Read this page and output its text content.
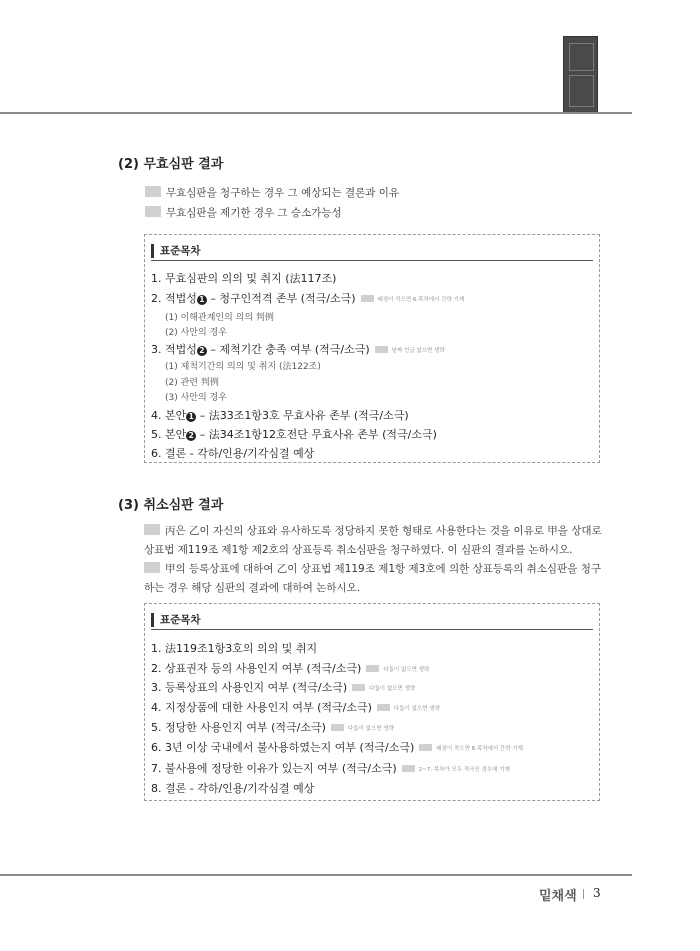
(2) 무효심판 결과
무효심판을 청구하는 경우 그 예상되는 결론과 이유
무효심판을 제기한 경우 그 승소가능성
표준목차
1. 무효심판의 의의 및 취지 (法117조)
2. 적법성 1 – 청구인적격 존부 (적극/소극)	배점이 작으면 6.목차에서 간략 기재
(1) 이해관계인의 의의 判例
(2) 사안의 경우
3. 적법성 2 – 제척기간 충족 여부 (적극/소극)	날짜 언급 없으면 생략
(1) 제척기간의 의의 및 취지 (法122조)
(2) 관련 判例
(3) 사안의 경우
4. 본안 1 – 法33조1항3호 무효사유 존부 (적극/소극)
5. 본안 2 – 法34조1항12호전단 무효사유 존부 (적극/소극)
6. 결론 - 각하/인용/기각심결 예상
(3) 취소심판 결과
丙은 乙이 자신의 상표와 유사하도록 정당하지 못한 형태로 사용한다는 것을 이유로 甲을 상대로 상표법 제119조 제1항 제2호의 상표등록 취소심판을 청구하였다. 이 심판의 결과를 논하시오.
甲의 등록상표에 대하여 乙이 상표법 제119조 제1항 제3호에 의한 상표등록의 취소심판을 청구하는 경우 해당 심판의 결과에 대하여 논하시오.
표준목차
1. 法119조1항3호의 의의 및 취지
2. 상표권자 등의 사용인지 여부 (적극/소극)	다툼이 없으면 생략
3. 등록상표의 사용인지 여부 (적극/소극)	다툼이 없으면 생략
4. 지정상품에 대한 사용인지 여부 (적극/소극)	다툼이 없으면 생략
5. 정당한 사용인지 여부 (적극/소극)	다툼이 없으면 생략
6. 3년 이상 국내에서 불사용하였는지 여부 (적극/소극)	배점이 작으면 8.목차에서 간략 기재
7. 불사용에 정당한 이유가 있는지 여부 (적극/소극)	2~7. 목차가 모두 적극인 경우에 기재
8. 결론 - 각하/인용/기각심결 예상
밑채색 3
